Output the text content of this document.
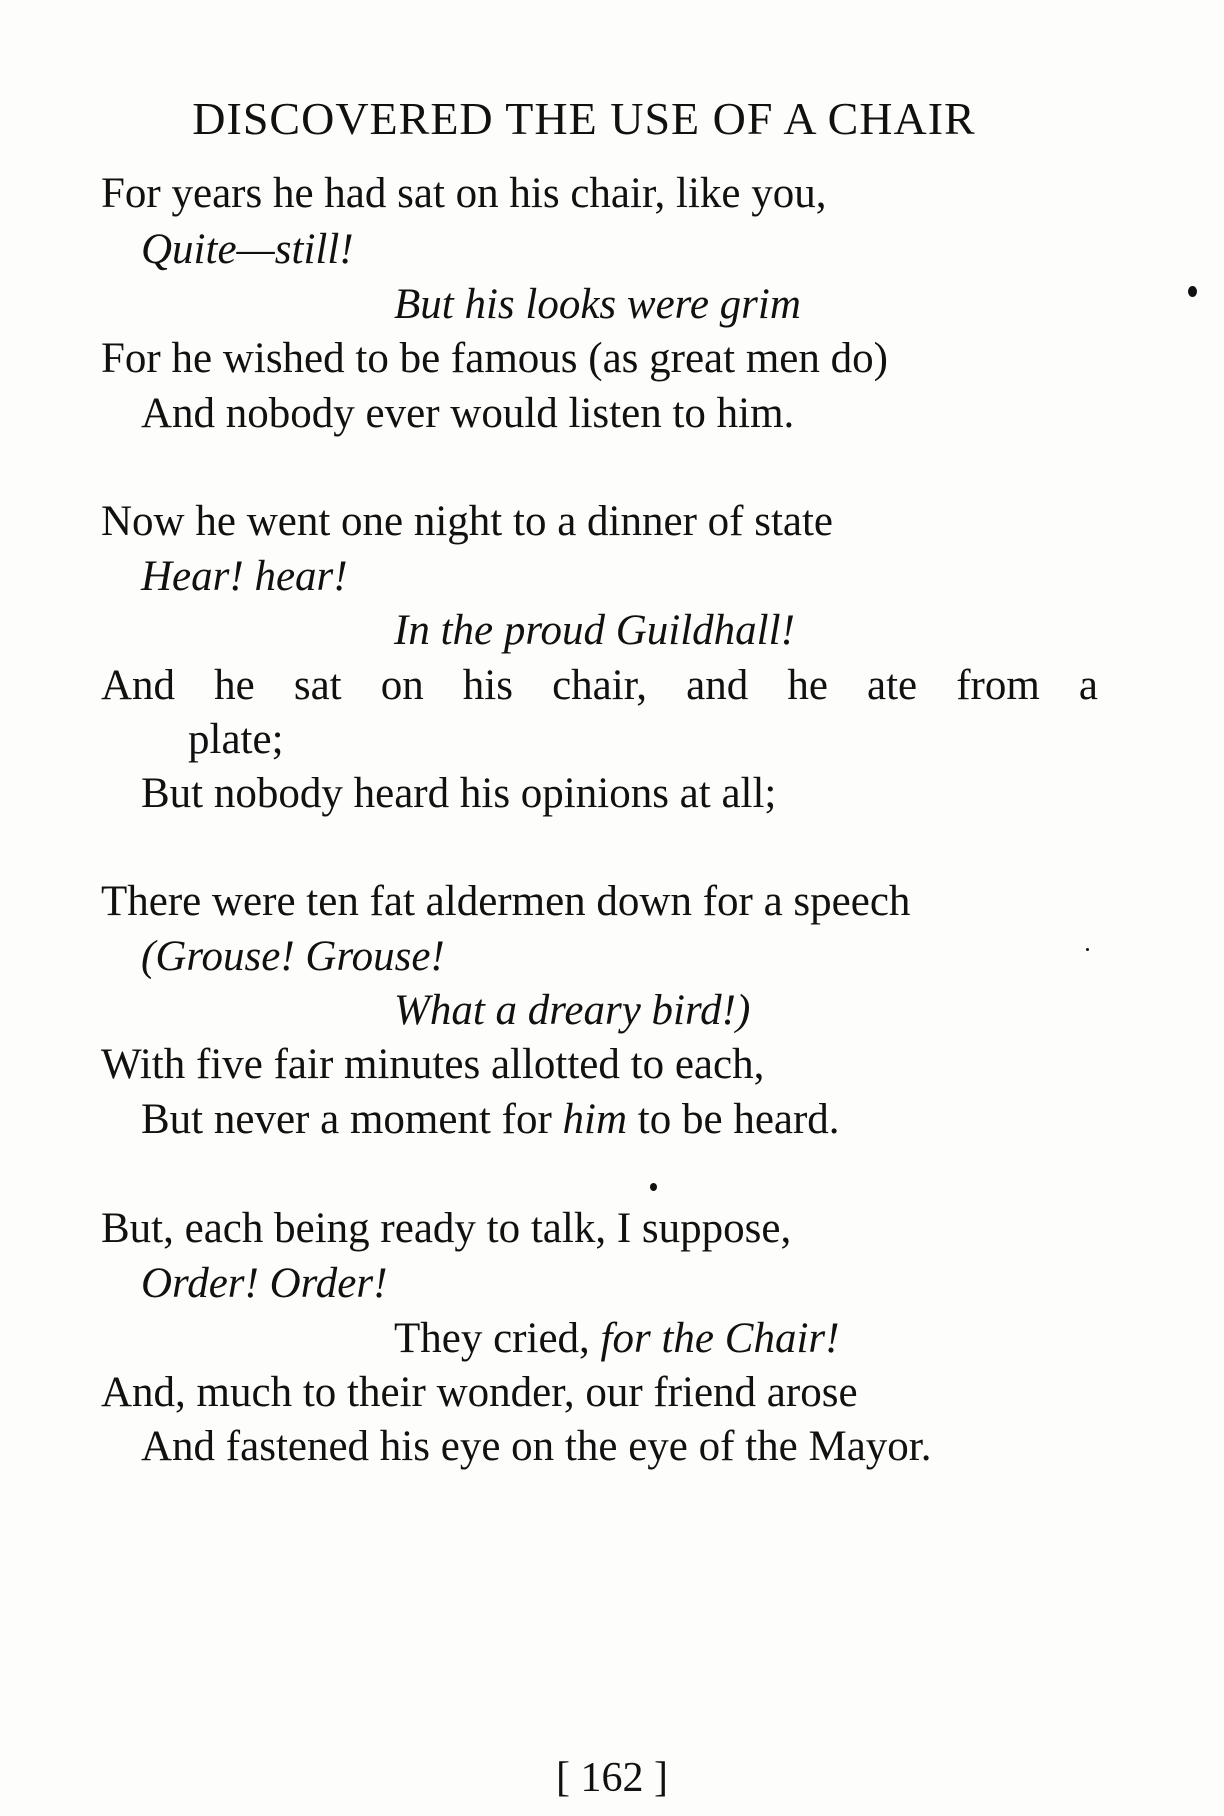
DISCOVERED THE USE OF A CHAIR
For years he had sat on his chair, like you,
Quite—still!
But his looks were grim
For he wished to be famous (as great men do)
And nobody ever would listen to him.
Now he went one night to a dinner of state
Hear! hear!
In the proud Guildhall!
And he sat on his chair, and he ate from a
plate;
But nobody heard his opinions at all;
There were ten fat aldermen down for a speech
(Grouse! Grouse!
What a dreary bird!)
With five fair minutes allotted to each,
But never a moment for him to be heard.
But, each being ready to talk, I suppose,
Order! Order!
They cried, for the Chair!
And, much to their wonder, our friend arose
And fastened his eye on the eye of the Mayor.
[ 162 ]
